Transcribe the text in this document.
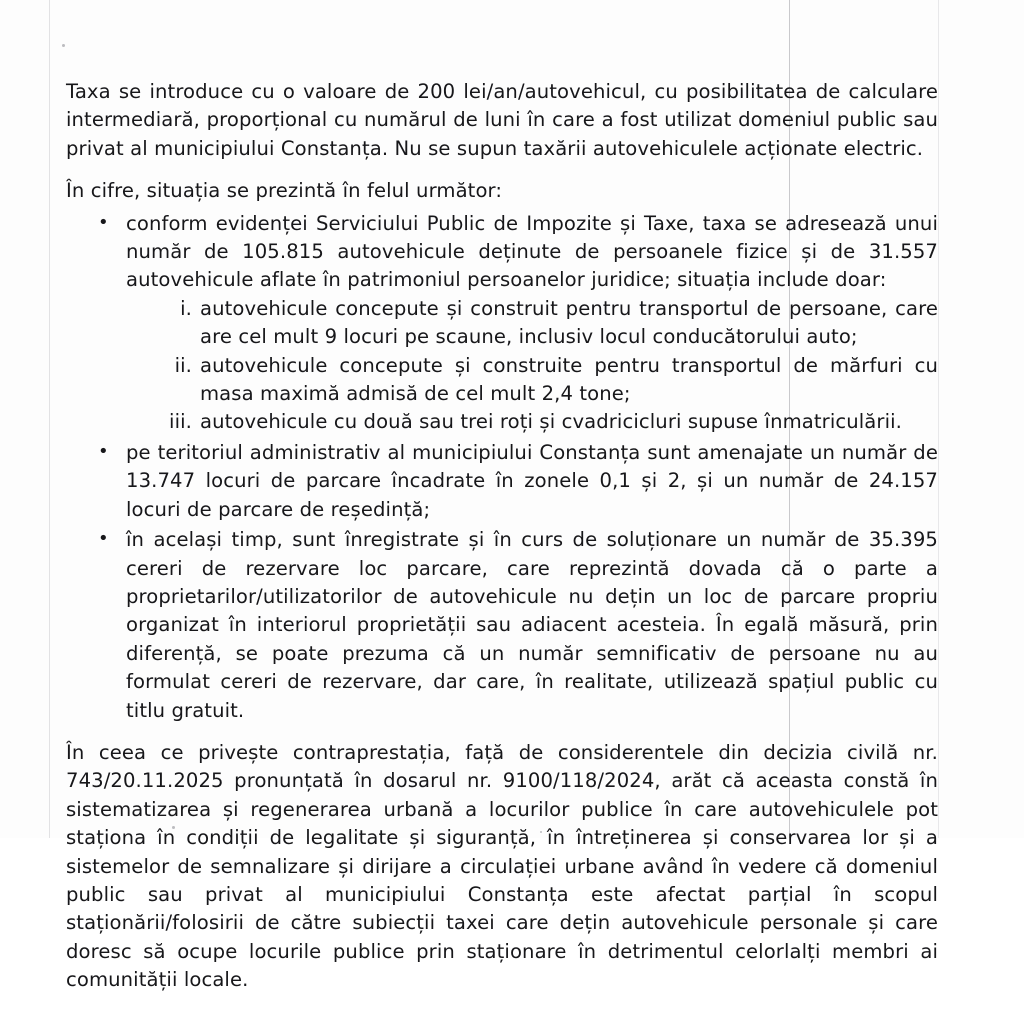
Taxa se introduce cu o valoare de 200 lei/an/autovehicul, cu posibilitatea de calculare intermediară, proporțional cu numărul de luni în care a fost utilizat domeniul public sau privat al municipiului Constanța. Nu se supun taxării autovehiculele acționate electric.

În cifre, situația se prezintă în felul următor:

• conform evidenței Serviciului Public de Impozite și Taxe, taxa se adresează unui număr de 105.815 autovehicule deținute de persoanele fizice și de 31.557 autovehicule aflate în patrimoniul persoanelor juridice; situația include doar:
i. autovehicule concepute și construit pentru transportul de persoane, care are cel mult 9 locuri pe scaune, inclusiv locul conducătorului auto;
ii. autovehicule concepute și construite pentru transportul de mărfuri cu masa maximă admisă de cel mult 2,4 tone;
iii. autovehicule cu două sau trei roți și cvadricicluri supuse înmatriculării.
• pe teritoriul administrativ al municipiului Constanța sunt amenajate un număr de 13.747 locuri de parcare încadrate în zonele 0,1 și 2, și un număr de 24.157 locuri de parcare de reședință;
• în același timp, sunt înregistrate și în curs de soluționare un număr de 35.395 cereri de rezervare loc parcare, care reprezintă dovada că o parte a proprietarilor/utilizatorilor de autovehicule nu dețin un loc de parcare propriu organizat în interiorul proprietății sau adiacent acesteia. În egală măsură, prin diferență, se poate prezuma că un număr semnificativ de persoane nu au formulat cereri de rezervare, dar care, în realitate, utilizează spațiul public cu titlu gratuit.

În ceea ce privește contraprestația, față de considerentele din decizia civilă nr. 743/20.11.2025 pronunțată în dosarul nr. 9100/118/2024, arăt că aceasta constă în sistematizarea și regenerarea urbană a locurilor publice în care autovehiculele pot staționa în condiții de legalitate și siguranță, în întreținerea și conservarea lor și a sistemelor de semnalizare și dirijare a circulației urbane având în vedere că domeniul public sau privat al municipiului Constanța este afectat parțial în scopul staționării/folosirii de către subiecții taxei care dețin autovehicule personale și care doresc să ocupe locurile publice prin staționare în detrimentul celorlalți membri ai comunității locale.
